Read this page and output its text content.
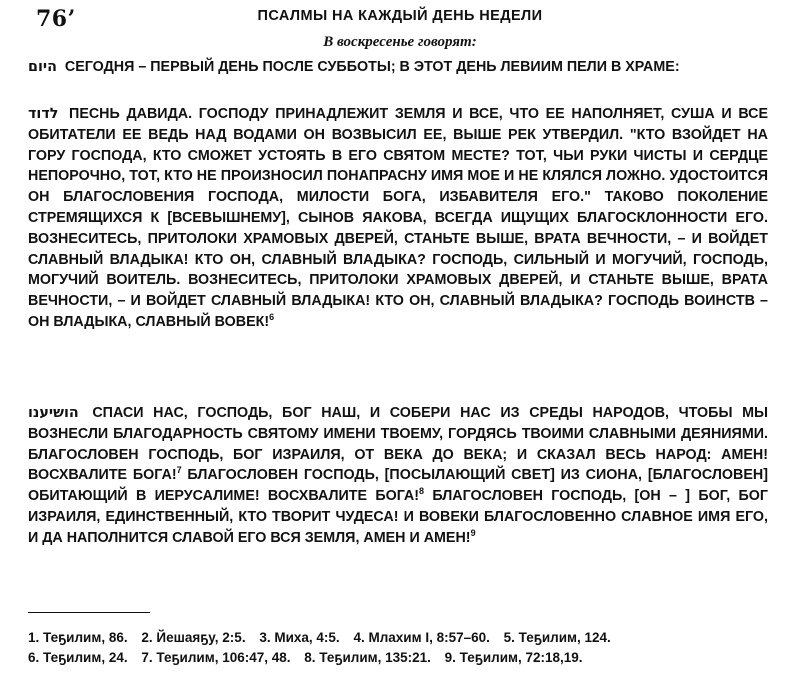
76’	ПСАЛМЫ НА КАЖДЫЙ ДЕНЬ НЕДЕЛИ
В воскресенье говорят:
היום СЕГОДНЯ – ПЕРВЫЙ ДЕНЬ ПОСЛЕ СУББОТЫ; В ЭТОТ ДЕНЬ ЛЕВИИМ ПЕЛИ В ХРАМЕ:
לדוד ПЕСНЬ ДАВИДА. ГОСПОДУ ПРИНАДЛЕЖИТ ЗЕМЛЯ И ВСЕ, ЧТО ЕЕ НАПОЛНЯЕТ, СУША И ВСЕ ОБИТАТЕЛИ ЕЕ ВЕДЬ НАД ВОДАМИ ОН ВОЗВЫСИЛ ЕЕ, ВЫШЕ РЕК УТВЕРДИЛ. "КТО ВЗОЙДЕТ НА ГОРУ ГОСПОДА, КТО СМОЖЕТ УСТОЯТЬ В ЕГО СВЯТОМ МЕСТЕ? ТОТ, ЧЬИ РУКИ ЧИСТЫ И СЕРДЦЕ НЕПОРОЧНО, ТОТ, КТО НЕ ПРОИЗНОСИЛ ПОНАПРАСНУ ИМЯ МОЕ И НЕ КЛЯЛСЯ ЛОЖНО. УДОСТОИТСЯ ОН БЛАГОСЛОВЕНИЯ ГОСПОДА, МИЛОСТИ БОГА, ИЗБАВИТЕЛЯ ЕГО." ТАКОВО ПОКОЛЕНИЕ СТРЕМЯЩИХСЯ К [ВСЕВЫШНЕМУ], СЫНОВ ЯАКОВА, ВСЕГДА ИЩУЩИХ БЛАГОСКЛОННОСТИ ЕГО. ВОЗНЕСИТЕСЬ, ПРИТОЛОКИ ХРАМОВЫХ ДВЕРЕЙ, СТАНЬТЕ ВЫШЕ, ВРАТА ВЕЧНОСТИ, – И ВОЙДЕТ СЛАВНЫЙ ВЛАДЫКА! КТО ОН, СЛАВНЫЙ ВЛАДЫКА? ГОСПОДЬ, СИЛЬНЫЙ И МОГУЧИЙ, ГОСПОДЬ, МОГУЧИЙ ВОИТЕЛЬ. ВОЗНЕСИТЕСЬ, ПРИТОЛОКИ ХРАМОВЫХ ДВЕРЕЙ, И СТАНЬТЕ ВЫШЕ, ВРАТА ВЕЧНОСТИ, – И ВОЙДЕТ СЛАВНЫЙ ВЛАДЫКА! КТО ОН, СЛАВНЫЙ ВЛАДЫКА? ГОСПОДЬ ВОИНСТВ – ОН ВЛАДЫКА, СЛАВНЫЙ ВОВЕК!$^6$
הושיענו СПАСИ НАС, ГОСПОДЬ, БОГ НАШ, И СОБЕРИ НАС ИЗ СРЕДЫ НАРОДОВ, ЧТОБЫ МЫ ВОЗНЕСЛИ БЛАГОДАРНОСТЬ СВЯТОМУ ИМЕНИ ТВОЕМУ, ГОРДЯСЬ ТВОИМИ СЛАВНЫМИ ДЕЯНИЯМИ. БЛАГОСЛОВЕН ГОСПОДЬ, БОГ ИЗРАИЛЯ, ОТ ВЕКА ДО ВЕКА; И СКАЗАЛ ВЕСЬ НАРОД: АМЕН! ВОСХВАЛИТЕ БОГА!$^7$ БЛАГОСЛОВЕН ГОСПОДЬ, [ПОСЫЛАЮЩИЙ СВЕТ] ИЗ СИОНА, [БЛАГОСЛОВЕН] ОБИТАЮЩИЙ В ИЕРУСАЛИМЕ! ВОСХВАЛИТЕ БОГА!$^8$ БЛАГОСЛОВЕН ГОСПОДЬ, [ОН – ] БОГ, БОГ ИЗРАИЛЯ, ЕДИНСТВЕННЫЙ, КТО ТВОРИТ ЧУДЕСА! И ВОВЕКИ БЛАГОСЛОВЕННО СЛАВНОЕ ИМЯ ЕГО, И ДА НАПОЛНИТСЯ СЛАВОЙ ЕГО ВСЯ ЗЕМЛЯ, АМЕН И АМЕН!$^9$
1. Теҕилим, 86. 2. Йешаяҕу, 2:5. 3. Миха, 4:5. 4. Млахим I, 8:57–60. 5. Теҕилим, 124.
6. Теҕилим, 24. 7. Теҕилим, 106:47, 48. 8. Теҕилим, 135:21. 9. Теҕилим, 72:18,19.
